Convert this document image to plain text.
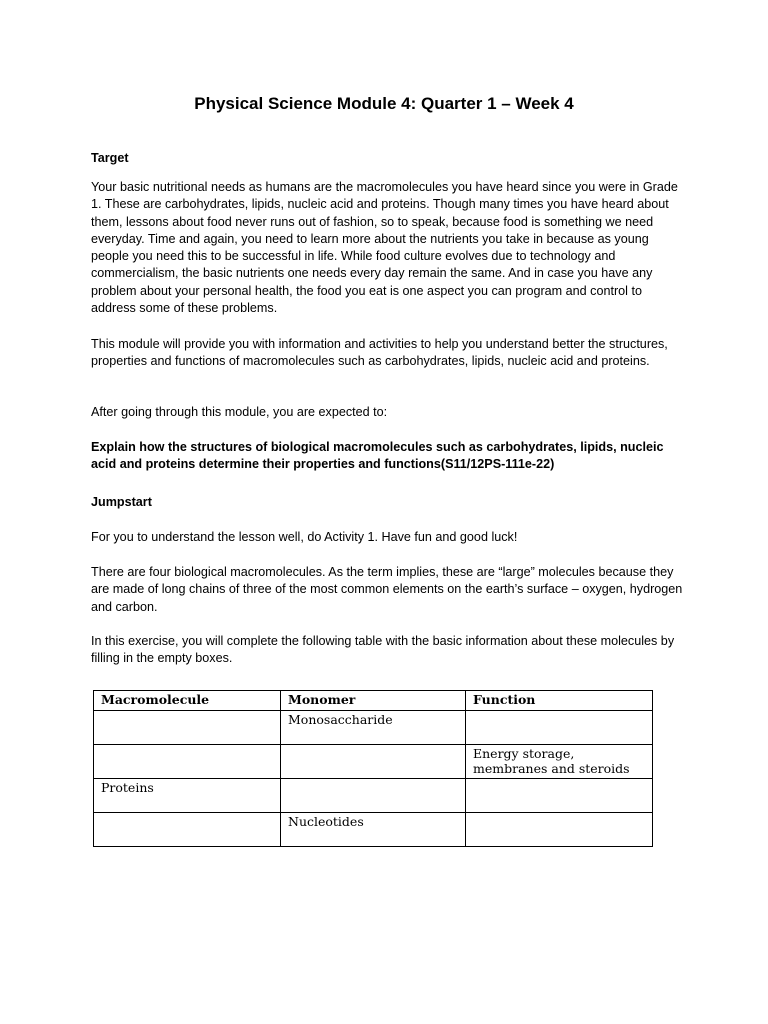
Physical Science Module 4: Quarter 1 – Week 4
Target
Your basic nutritional needs as humans are the macromolecules you have heard since you were in Grade 1. These are carbohydrates, lipids, nucleic acid and proteins. Though many times you have heard about them, lessons about food never runs out of fashion, so to speak, because food is something we need everyday. Time and again, you need to learn more about the nutrients you take in because as young people you need this to be successful in life. While food culture evolves due to technology and commercialism, the basic nutrients one needs every day remain the same. And in case you have any problem about your personal health, the food you eat is one aspect you can program and control to address some of these problems.
This module will provide you with information and activities to help you understand better the structures, properties and functions of macromolecules such as carbohydrates, lipids, nucleic acid and proteins.
After going through this module, you are expected to:
Explain how the structures of biological macromolecules such as carbohydrates, lipids, nucleic acid and proteins determine their properties and functions(S11/12PS-111e-22)
Jumpstart
For you to understand the lesson well, do Activity 1. Have fun and good luck!
There are four biological macromolecules. As the term implies, these are “large” molecules because they are made of long chains of three of the most common elements on the earth’s surface – oxygen, hydrogen and carbon.
In this exercise, you will complete the following table with the basic information about these molecules by filling in the empty boxes.
Macromolecule	Monomer	Function
	Monosaccharide	
		Energy storage, membranes and steroids
Proteins		
	Nucleotides	
